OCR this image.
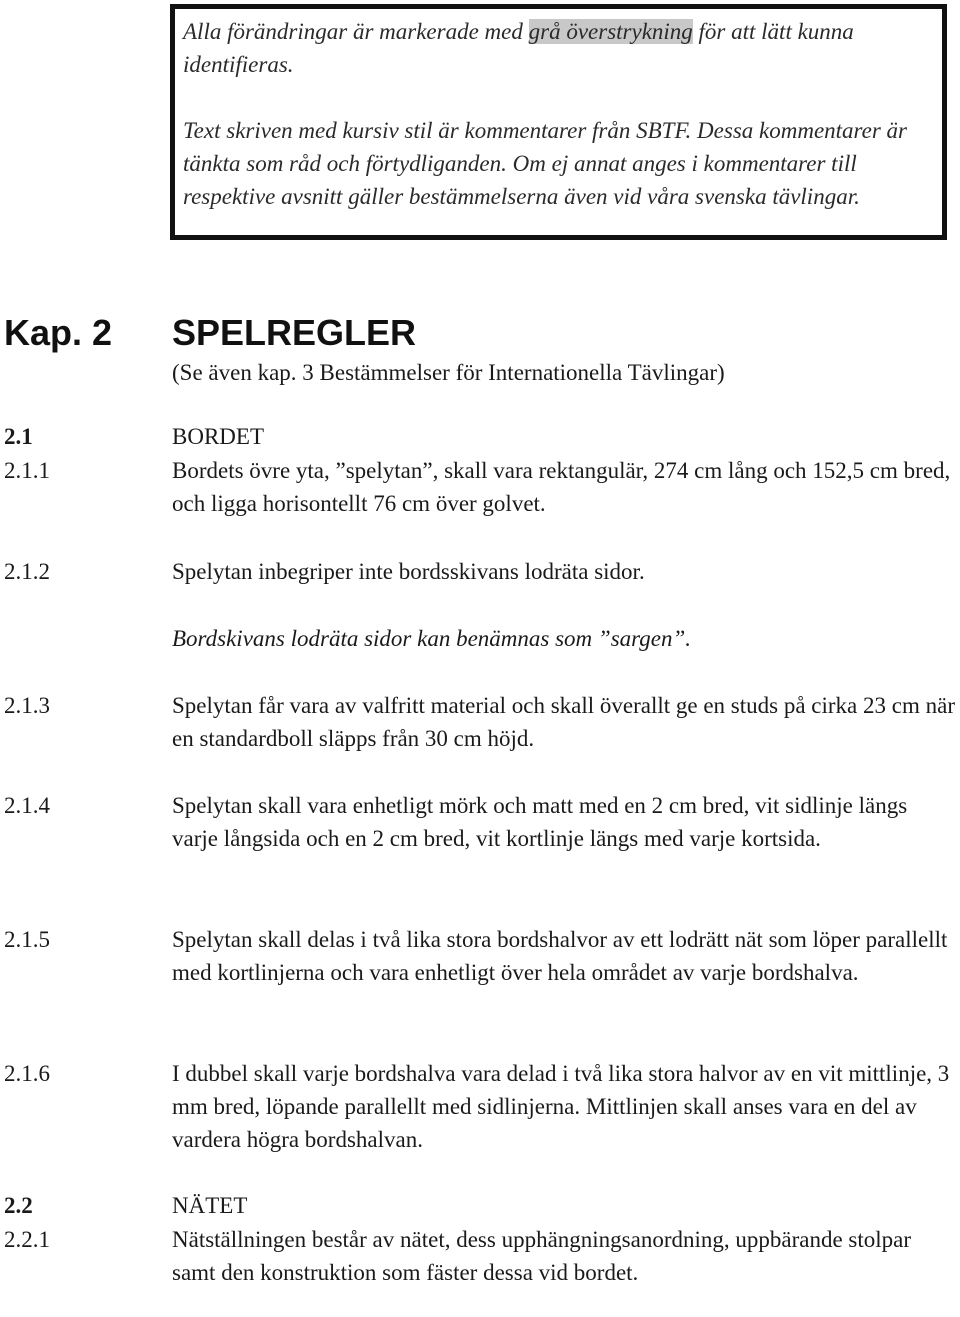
Alla förändringar är markerade med grå överstrykning för att lätt kunna identifieras.

Text skriven med kursiv stil är kommentarer från SBTF. Dessa kommentarer är tänkta som råd och förtydliganden. Om ej annat anges i kommentarer till respektive avsnitt gäller bestämmelserna även vid våra svenska tävlingar.

Kap. 2 SPELREGLER
(Se även kap. 3 Bestämmelser för Internationella Tävlingar)
2.1	BORDET
2.1.1	Bordets övre yta, ”spelytan”, skall vara rektangulär, 274 cm lång och 152,5 cm bred, och ligga horisontellt 76 cm över golvet.
2.1.2	Spelytan inbegriper inte bordsskivans lodräta sidor.
Bordskivans lodräta sidor kan benämnas som ”sargen”.
2.1.3	Spelytan får vara av valfritt material och skall överallt ge en studs på cirka 23 cm när en standardboll släpps från 30 cm höjd.
2.1.4	Spelytan skall vara enhetligt mörk och matt med en 2 cm bred, vit sidlinje längs varje långsida och en 2 cm bred, vit kortlinje längs med varje kortsida.
2.1.5	Spelytan skall delas i två lika stora bordshalvor av ett lodrätt nät som löper parallellt med kortlinjerna och vara enhetligt över hela området av varje bordshalva.
2.1.6	I dubbel skall varje bordshalva vara delad i två lika stora halvor av en vit mittlinje, 3 mm bred, löpande parallellt med sidlinjerna. Mittlinjen skall anses vara en del av vardera högra bordshalvan.
2.2	NÄTET
2.2.1	Nätställningen består av nätet, dess upphängningsanordning, uppbärande stolpar samt den konstruktion som fäster dessa vid bordet.
